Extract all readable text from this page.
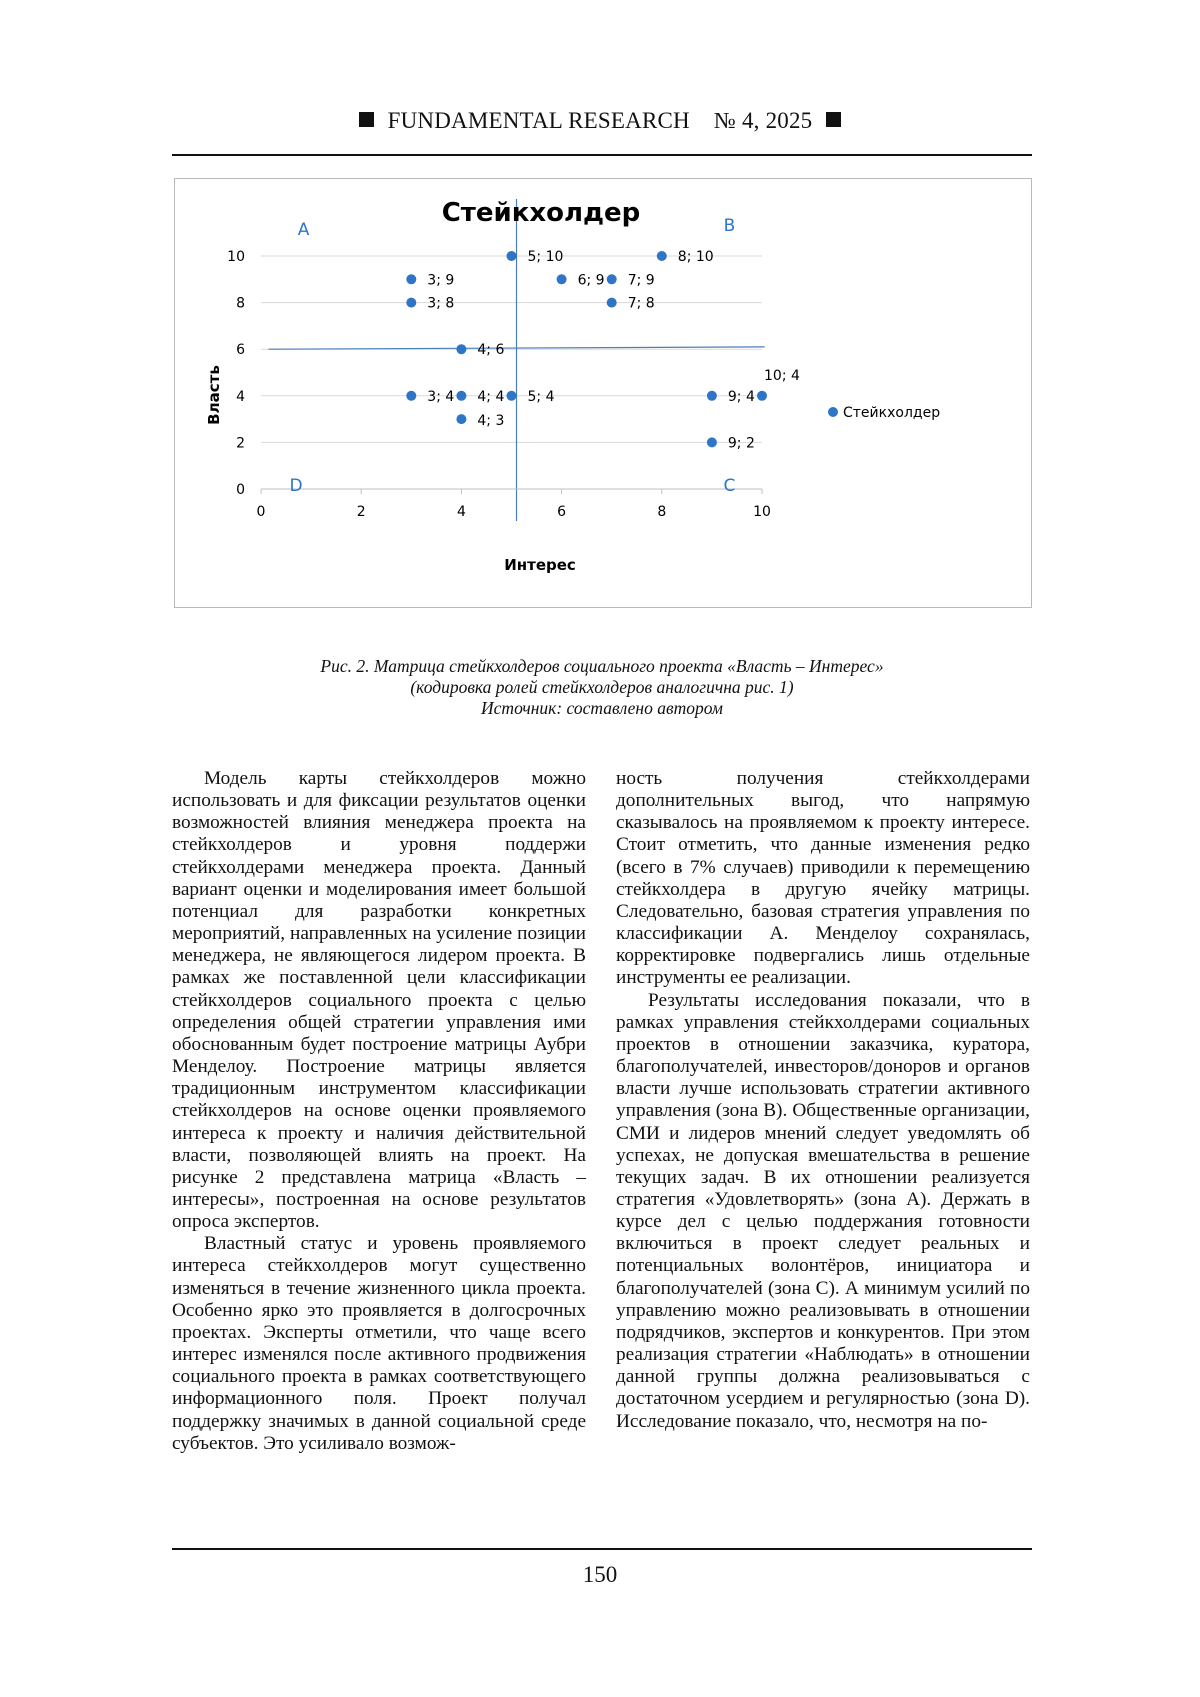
FUNDAMENTAL RESEARCH № 4, 2025
0
2
4
6
8
10
0	2	4	6	8	10
Стейкхолдер
Интерес
Власть
A	B
D	C
5; 10	8; 10
3; 9	6; 9 7; 9
3; 8	7; 8
4; 6
3; 4 4; 4 5; 4	9; 4
10; 4
4; 3
9; 2
Стейкхолдер
Рис. 2. Матрица стейкхолдеров социального проекта «Власть – Интерес»
(кодировка ролей стейкхолдеров аналогична рис. 1)
Источник: составлено автором

Модель карты стейкхолдеров можно использовать и для фиксации результатов оценки возможностей влияния менеджера проекта на стейкхолдеров и уровня поддержи стейкхолдерами менеджера проекта. Данный вариант оценки и моделирования имеет большой потенциал для разработки конкретных мероприятий, направленных на усиление позиции менеджера, не являющегося лидером проекта. В рамках же поставленной цели классификации стейкхолдеров социального проекта с целью определения общей стратегии управления ими обоснованным будет построение матрицы Аубри Менделоу. Построение матрицы является традиционным инструментом классификации стейкхолдеров на основе оценки проявляемого интереса к проекту и наличия действительной власти, позволяющей влиять на проект. На рисунке 2 представлена матрица «Власть – интересы», построенная на основе результатов опроса экспертов.

Властный статус и уровень проявляемого интереса стейкхолдеров могут существенно изменяться в течение жизненного цикла проекта. Особенно ярко это проявляется в долгосрочных проектах. Эксперты отметили, что чаще всего интерес изменялся после активного продвижения социального проекта в рамках соответствующего информационного поля. Проект получал поддержку значимых в данной социальной среде субъектов. Это усиливало возмож-

ность получения стейкхолдерами дополнительных выгод, что напрямую сказывалось на проявляемом к проекту интересе. Стоит отметить, что данные изменения редко (всего в 7% случаев) приводили к перемещению стейкхолдера в другую ячейку матрицы. Следовательно, базовая стратегия управления по классификации А. Менделоу сохранялась, корректировке подвергались лишь отдельные инструменты ее реализации.

Результаты исследования показали, что в рамках управления стейкхолдерами социальных проектов в отношении заказчика, куратора, благополучателей, инвесторов/доноров и органов власти лучше использовать стратегии активного управления (зона B). Общественные организации, СМИ и лидеров мнений следует уведомлять об успехах, не допуская вмешательства в решение текущих задач. В их отношении реализуется стратегия «Удовлетворять» (зона А). Держать в курсе дел с целью поддержания готовности включиться в проект следует реальных и потенциальных волонтёров, инициатора и благополучателей (зона С). А минимум усилий по управлению можно реализовывать в отношении подрядчиков, экспертов и конкурентов. При этом реализация стратегии «Наблюдать» в отношении данной группы должна реализовываться с достаточном усердием и регулярностью (зона D). Исследование показало, что, несмотря на по-

150
